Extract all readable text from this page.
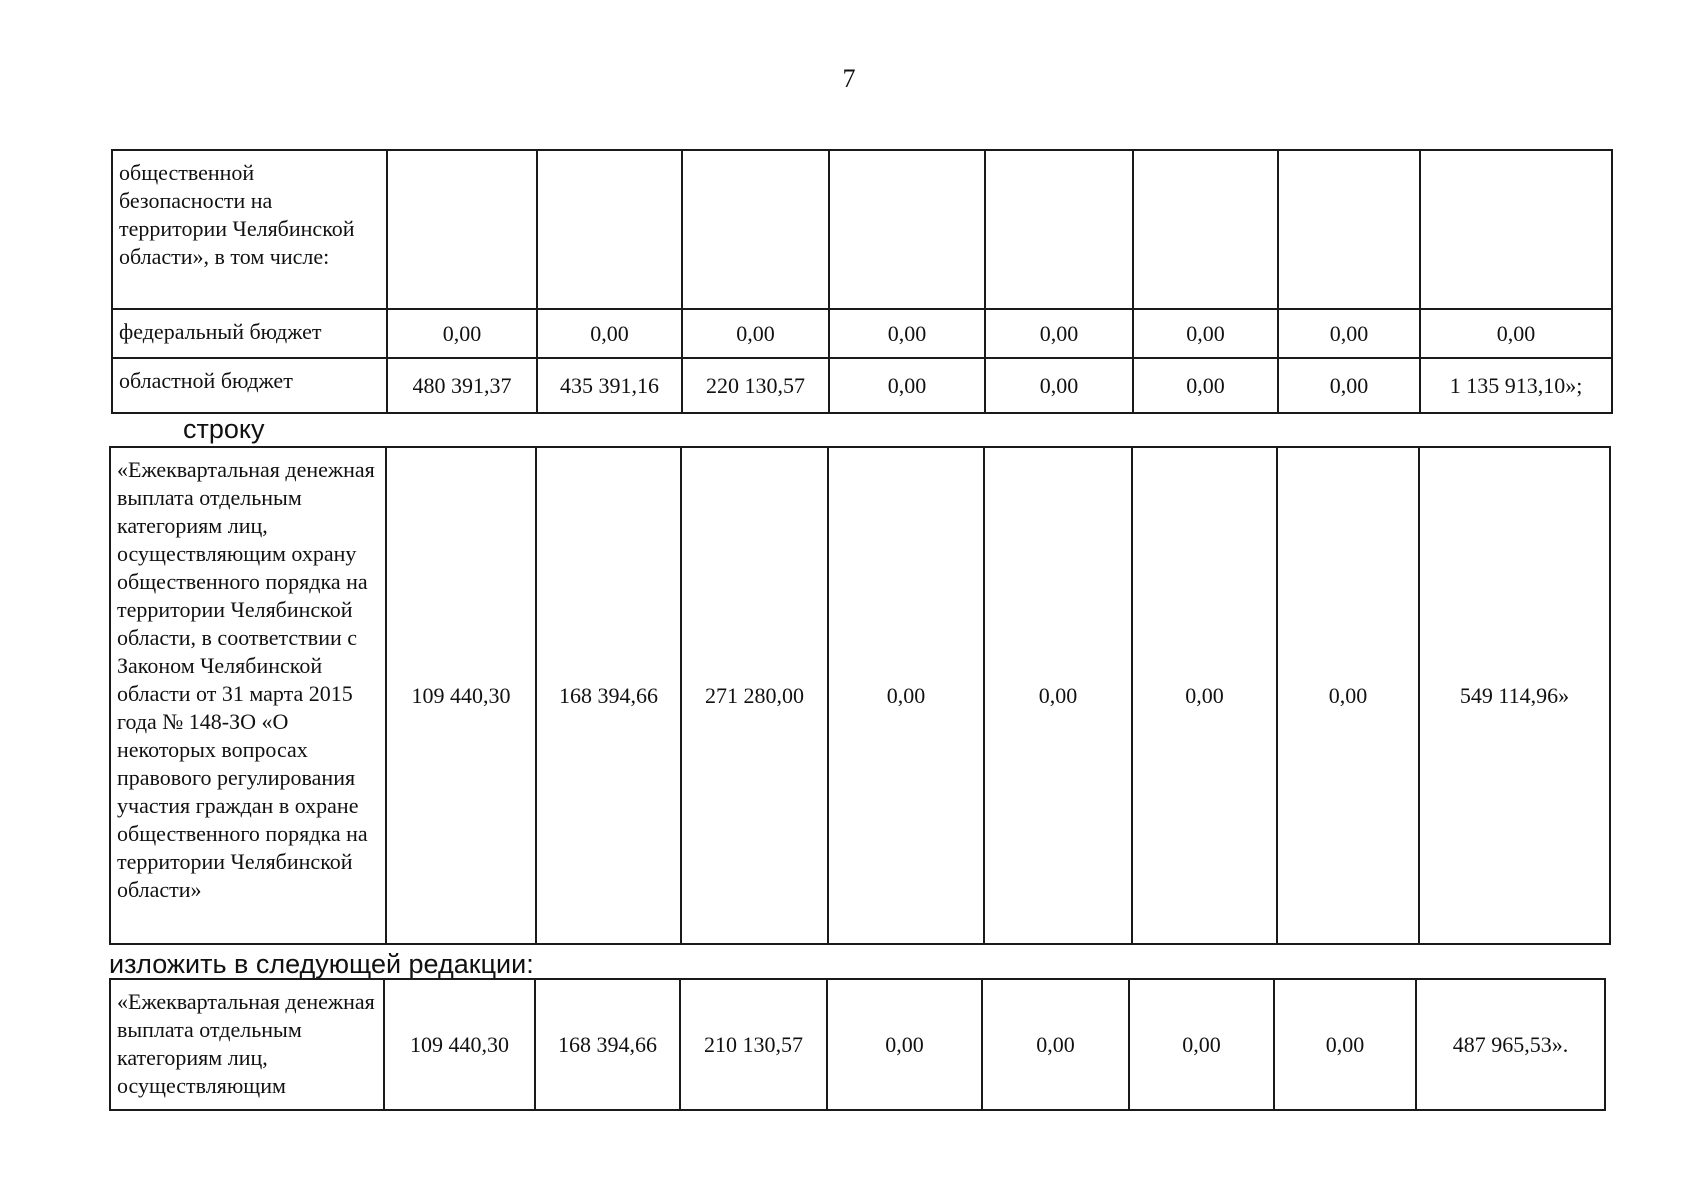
7
общественной безопасности на территории Челябинской области», в том числе:								
федеральный бюджет	0,00	0,00	0,00	0,00	0,00	0,00	0,00	0,00
областной бюджет	480 391,37	435 391,16	220 130,57	0,00	0,00	0,00	0,00	1 135 913,10»;
строку
«Ежеквартальная денежная выплата отдельным категориям лиц, осуществляющим охрану общественного порядка на территории Челябинской области, в соответствии с Законом Челябинской области от 31 марта 2015 года № 148-ЗО «О некоторых вопросах правового регулирования участия граждан в охране общественного порядка на территории Челябинской области»	109 440,30	168 394,66	271 280,00	0,00	0,00	0,00	0,00	549 114,96»
изложить в следующей редакции:
«Ежеквартальная денежная выплата отдельным категориям лиц, осуществляющим	109 440,30	168 394,66	210 130,57	0,00	0,00	0,00	0,00	487 965,53».
